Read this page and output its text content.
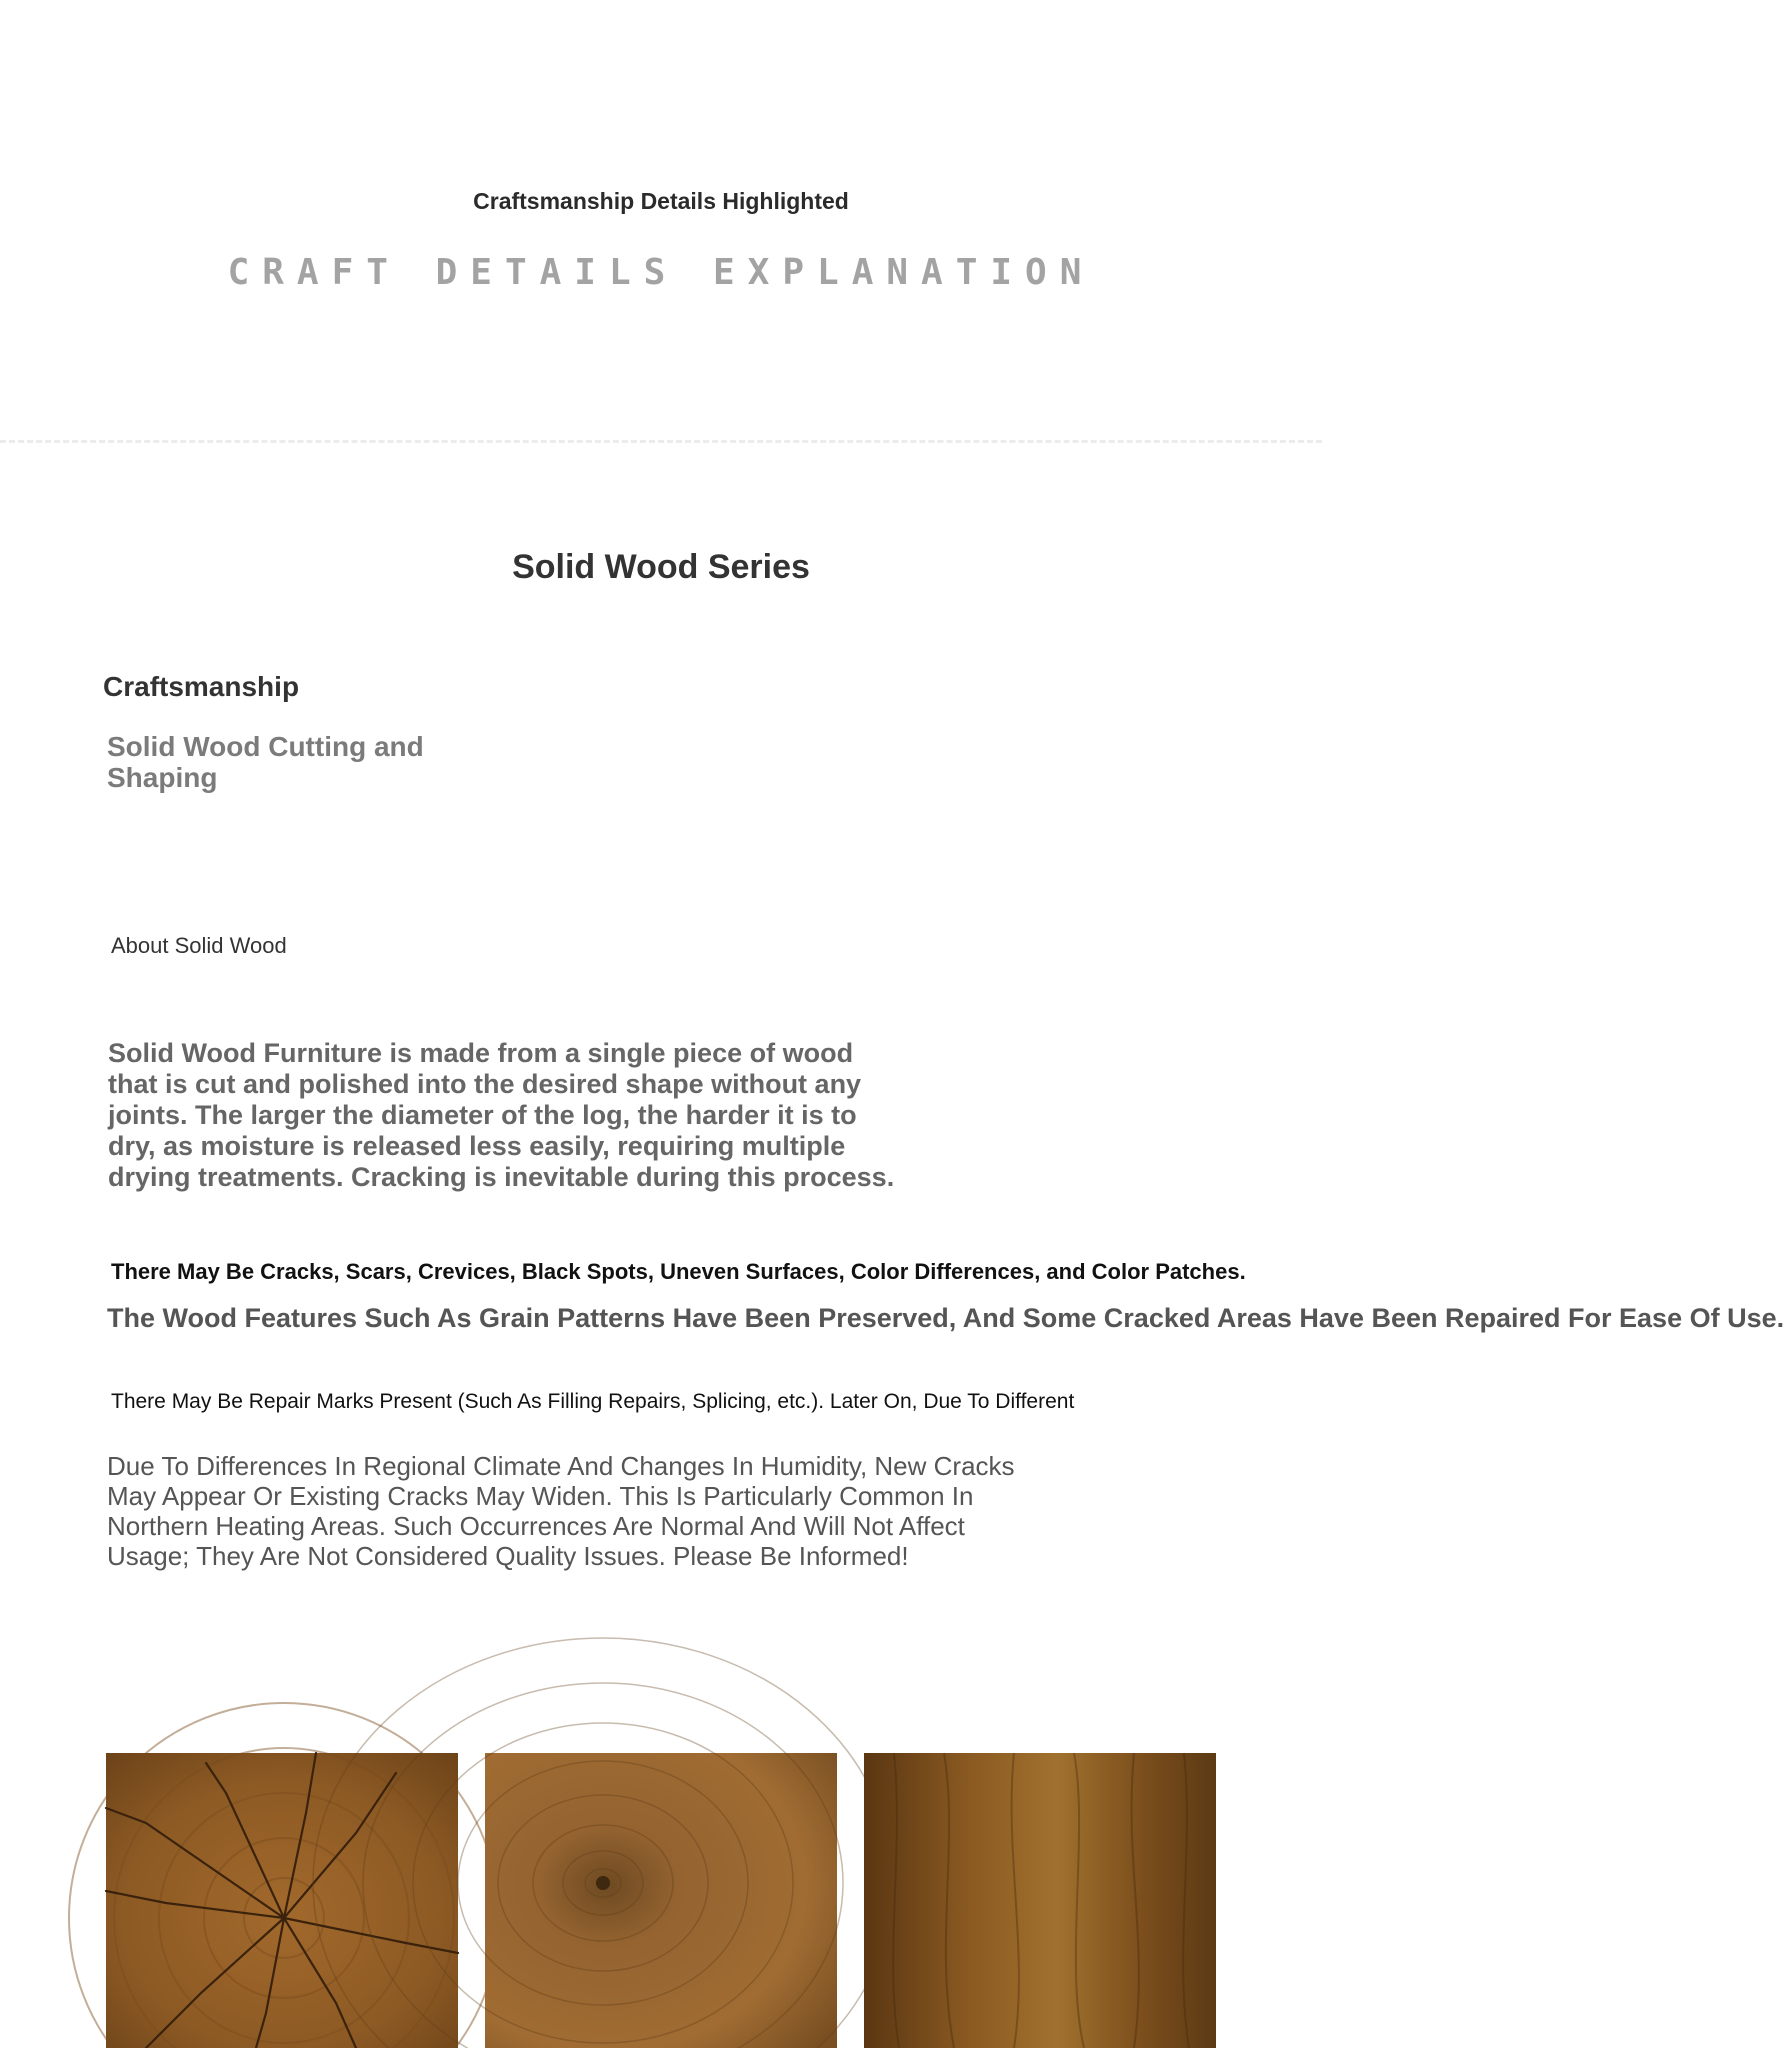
Craftsmanship Details Highlighted
CRAFT DETAILS EXPLANATION
Solid Wood Series
Craftsmanship
Solid Wood Cutting and Shaping
About Solid Wood
Solid Wood Furniture is made from a single piece of wood that is cut and polished into the desired shape without any joints. The larger the diameter of the log, the harder it is to dry, as moisture is released less easily, requiring multiple drying treatments. Cracking is inevitable during this process.
There May Be Cracks, Scars, Crevices, Black Spots, Uneven Surfaces, Color Differences, and Color Patches.
The Wood Features Such As Grain Patterns Have Been Preserved, And Some Cracked Areas Have Been Repaired For Ease Of Use.
There May Be Repair Marks Present (Such As Filling Repairs, Splicing, etc.). Later On, Due To Different
Due To Differences In Regional Climate And Changes In Humidity, New Cracks May Appear Or Existing Cracks May Widen. This Is Particularly Common In Northern Heating Areas. Such Occurrences Are Normal And Will Not Affect Usage; They Are Not Considered Quality Issues. Please Be Informed!
